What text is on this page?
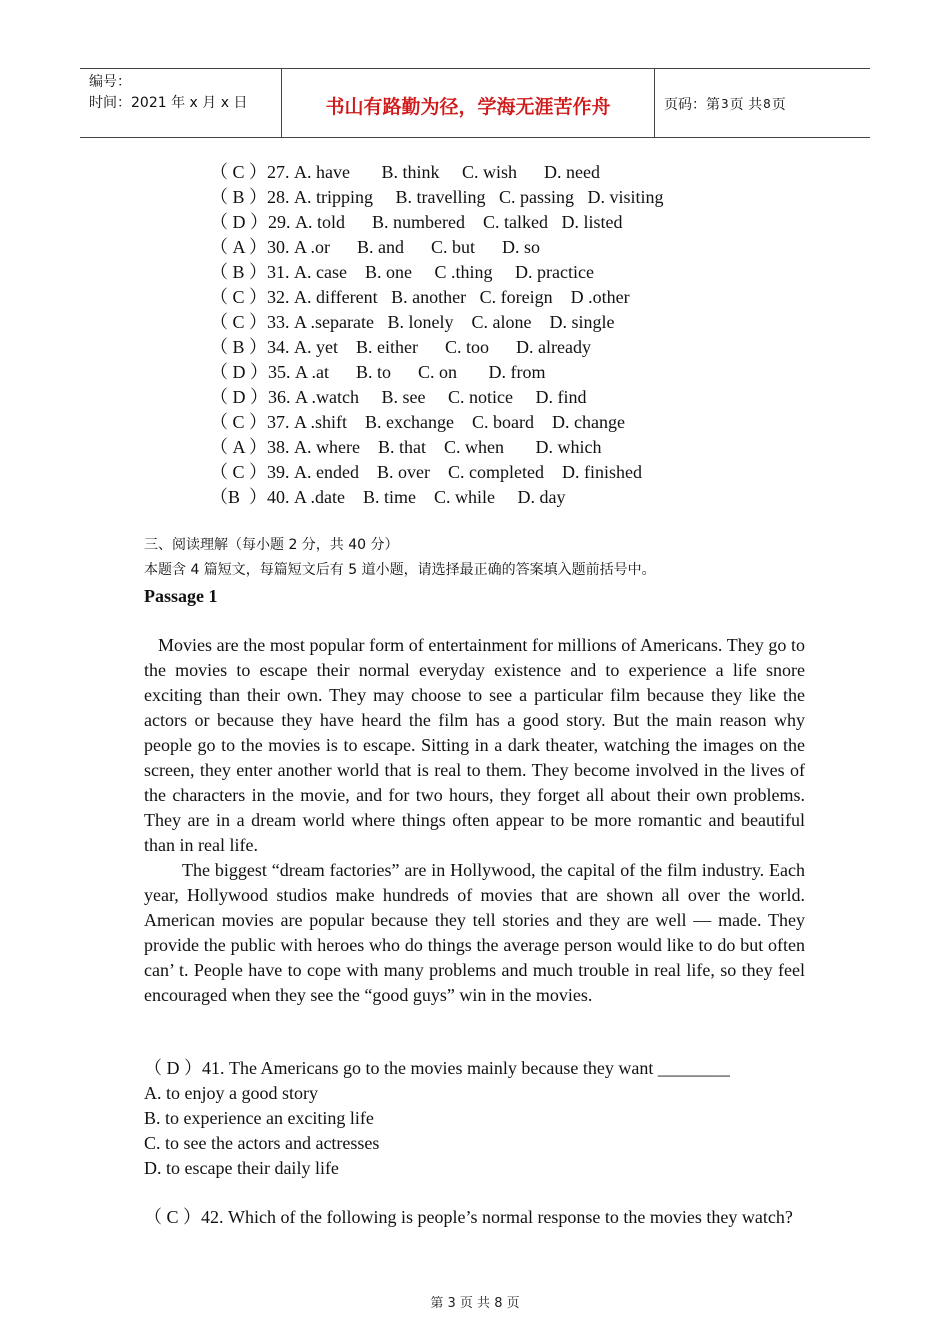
编号：
时间：2021 年 x 月 x 日	书山有路勤为径，学海无涯苦作舟	页码：第 3 页 共 8 页
（ C ）27. A. have       B. think     C. wish      D. need
（ B ）28. A. tripping     B. travelling   C. passing   D. visiting
（ D ）29. A. told      B. numbered    C. talked   D. listed
（ A ）30. A .or      B. and      C. but      D. so
（ B ）31. A. case    B. one     C .thing     D. practice
（ C ）32. A. different   B. another   C. foreign    D .other
（ C ）33. A .separate   B. lonely    C. alone    D. single
（ B ）34. A. yet    B. either      C. too      D. already
（ D ）35. A .at      B. to      C. on       D. from
（ D ）36. A .watch     B. see     C. notice     D. find
（ C ）37. A .shift    B. exchange    C. board    D. change
（ A ）38. A. where    B. that    C. when       D. which
（ C ）39. A. ended    B. over    C. completed    D. finished
（B  ）40. A .date    B. time    C. while     D. day
三、阅读理解（每小题 2 分，共 40 分）
本题含 4 篇短文，每篇短文后有 5 道小题，请选择最正确的答案填入题前括号中。
Passage 1

Movies are the most popular form of entertainment for millions of Americans. They go to the movies to escape their normal everyday existence and to experience a life snore exciting than their own. They may choose to see a particular film because they like the actors or because they have heard the film has a good story. But the main reason why people go to the movies is to escape. Sitting in a dark theater, watching the images on the screen, they enter another world that is real to them. They become involved in the lives of the characters in the movie, and for two hours, they forget all about their own problems. They are in a dream world where things often appear to be more romantic and beautiful than in real life.

The biggest “dream factories” are in Hollywood, the capital of the film industry. Each year, Hollywood studios make hundreds of movies that are shown all over the world. American movies are popular because they tell stories and they are well — made. They provide the public with heroes who do things the average person would like to do but often can’ t. People have to cope with many problems and much trouble in real life, so they feel encouraged when they see the “good guys” win in the movies.

（ D ）41. The Americans go to the movies mainly because they want ________
A. to enjoy a good story
B. to experience an exciting life
C. to see the actors and actresses
D. to escape their daily life
（ C ）42. Which of the following is people’s normal response to the movies they watch?
第 3 页 共 8 页
